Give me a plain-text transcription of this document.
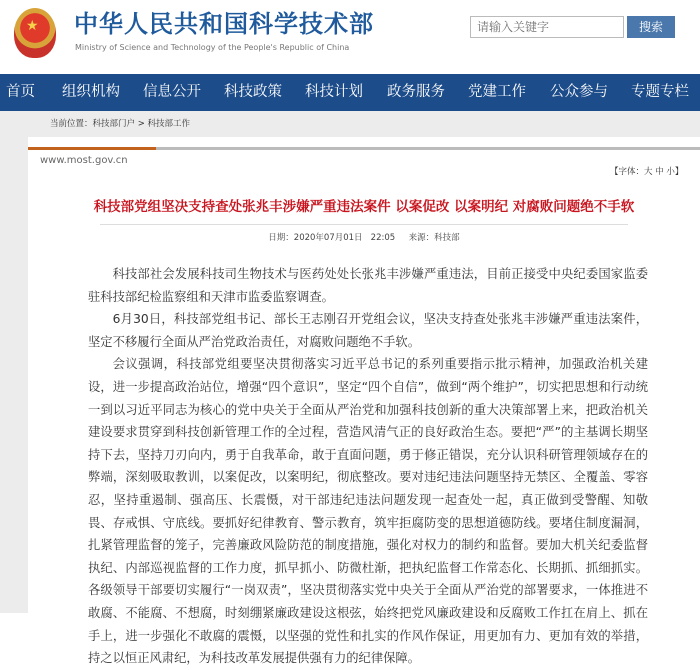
★ 中华人民共和国科学技术部
Ministry of Science and Technology of the People's Republic of China
请输入关键字
搜索
首页 组织机构 信息公开 科技政策 科技计划 政务服务 党建工作 公众参与 专题专栏
当前位置：科技部门户 > 科技部工作
www.most.gov.cn
【字体：大 中 小】
科技部党组坚决支持查处张兆丰涉嫌严重违法案件 以案促改 以案明纪 对腐败问题绝不手软
日期：2020年07月01日   22:05     来源：科技部

科技部社会发展科技司生物技术与医药处处长张兆丰涉嫌严重违法，目前正接受中央纪委国家监委驻科技部纪检监察组和天津市监委监察调查。

6月30日，科技部党组书记、部长王志刚召开党组会议，坚决支持查处张兆丰涉嫌严重违法案件，坚定不移履行全面从严治党政治责任，对腐败问题绝不手软。

会议强调，科技部党组要坚决贯彻落实习近平总书记的系列重要指示批示精神，加强政治机关建设，进一步提高政治站位，增强“四个意识”，坚定“四个自信”，做到“两个维护”，切实把思想和行动统一到以习近平同志为核心的党中央关于全面从严治党和加强科技创新的重大决策部署上来，把政治机关建设要求贯穿到科技创新管理工作的全过程，营造风清气正的良好政治生态。要把“严”的主基调长期坚持下去，坚持刀刃向内，勇于自我革命，敢于直面问题，勇于修正错误，充分认识科研管理领域存在的弊端，深刻吸取教训，以案促改，以案明纪，彻底整改。要对违纪违法问题坚持无禁区、全覆盖、零容忍，坚持重遏制、强高压、长震慑，对干部违纪违法问题发现一起查处一起，真正做到受警醒、知敬畏、存戒惧、守底线。要抓好纪律教育、警示教育，筑牢拒腐防变的思想道德防线。要堵住制度漏洞，扎紧管理监督的笼子，完善廉政风险防范的制度措施，强化对权力的制约和监督。要加大机关纪委监督执纪、内部巡视监督的工作力度，抓早抓小、防微杜渐，把执纪监督工作常态化、长期抓、抓细抓实。各级领导干部要切实履行“一岗双责”，坚决贯彻落实党中央关于全面从严治党的部署要求，一体推进不敢腐、不能腐、不想腐，时刻绷紧廉政建设这根弦，始终把党风廉政建设和反腐败工作扛在肩上、抓在手上，进一步强化不敢腐的震慑，以坚强的党性和扎实的作风作保证，用更加有力、更加有效的举措，持之以恒正风肃纪，为科技改革发展提供强有力的纪律保障。
